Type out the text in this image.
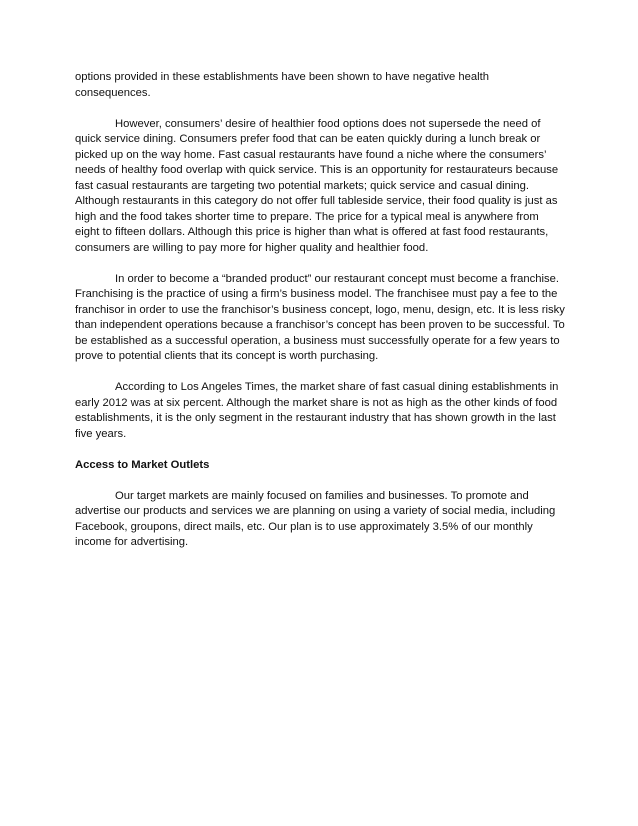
options provided in these establishments have been shown to have negative health consequences.

However, consumers’ desire of healthier food options does not supersede the need of quick service dining. Consumers prefer food that can be eaten quickly during a lunch break or picked up on the way home. Fast casual restaurants have found a niche where the consumers’ needs of healthy food overlap with quick service. This is an opportunity for restaurateurs because fast casual restaurants are targeting two potential markets; quick service and casual dining. Although restaurants in this category do not offer full tableside service, their food quality is just as high and the food takes shorter time to prepare. The price for a typical meal is anywhere from eight to fifteen dollars. Although this price is higher than what is offered at fast food restaurants, consumers are willing to pay more for higher quality and healthier food.

In order to become a “branded product” our restaurant concept must become a franchise. Franchising is the practice of using a firm’s business model. The franchisee must pay a fee to the franchisor in order to use the franchisor’s business concept, logo, menu, design, etc. It is less risky than independent operations because a franchisor’s concept has been proven to be successful. To be established as a successful operation, a business must successfully operate for a few years to prove to potential clients that its concept is worth purchasing.

According to Los Angeles Times, the market share of fast casual dining establishments in early 2012 was at six percent. Although the market share is not as high as the other kinds of food establishments, it is the only segment in the restaurant industry that has shown growth in the last five years.

Access to Market Outlets

Our target markets are mainly focused on families and businesses. To promote and advertise our products and services we are planning on using a variety of social media, including Facebook, groupons, direct mails, etc. Our plan is to use approximately 3.5% of our monthly income for advertising.
